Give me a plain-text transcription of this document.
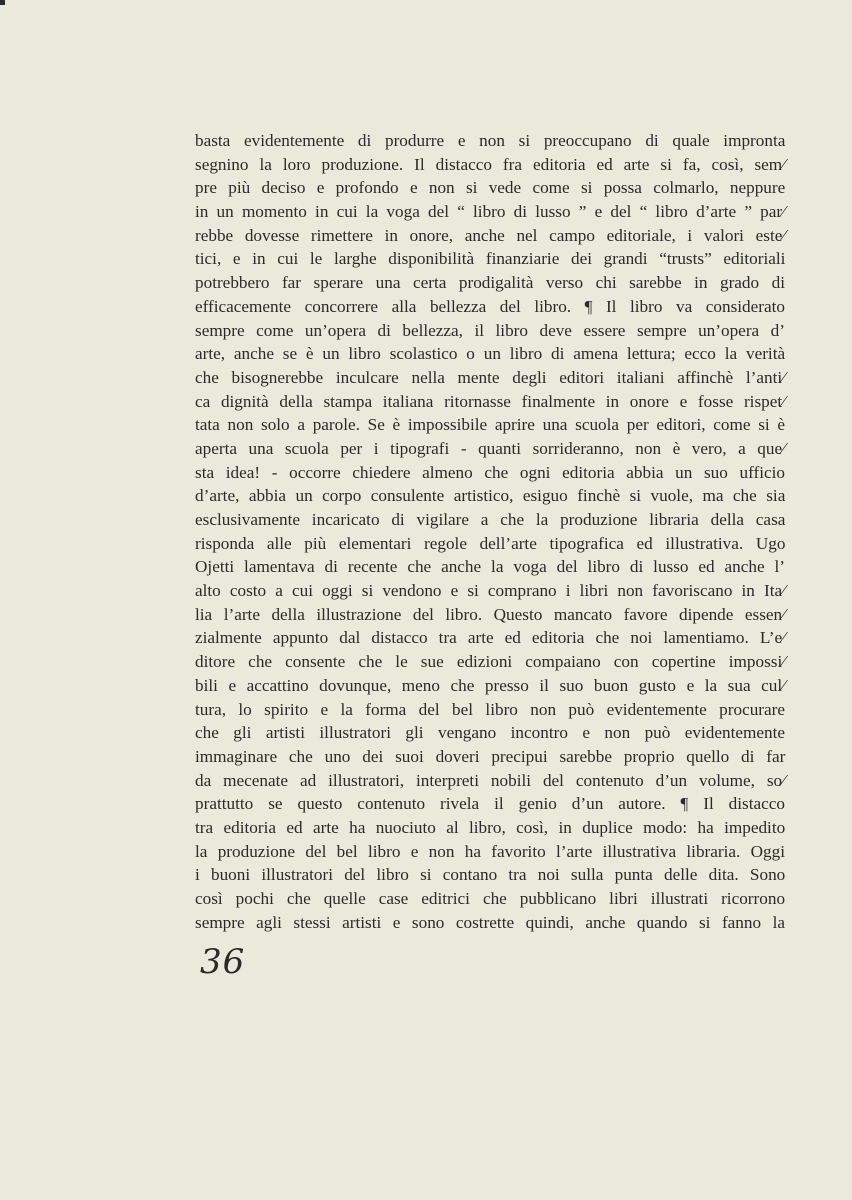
basta evidentemente di produrre e non si preoccupano di quale impronta
segnino la loro produzione. Il distacco fra editoria ed arte si fa, così, sem⁄
pre più deciso e profondo e non si vede come si possa colmarlo, neppure
in un momento in cui la voga del “ libro di lusso ” e del “ libro d’arte ” par⁄
rebbe dovesse rimettere in onore, anche nel campo editoriale, i valori este⁄
tici, e in cui le larghe disponibilità finanziarie dei grandi “trusts” editoriali
potrebbero far sperare una certa prodigalità verso chi sarebbe in grado di
efficacemente concorrere alla bellezza del libro. ¶ Il libro va considerato
sempre come un’opera di bellezza, il libro deve essere sempre un’opera d’
arte, anche se è un libro scolastico o un libro di amena lettura; ecco la verità
che bisognerebbe inculcare nella mente degli editori italiani affinchè l’anti⁄
ca dignità della stampa italiana ritornasse finalmente in onore e fosse rispet⁄
tata non solo a parole. Se è impossibile aprire una scuola per editori, come si è
aperta una scuola per i tipografi - quanti sorrideranno, non è vero, a que⁄
sta idea! - occorre chiedere almeno che ogni editoria abbia un suo ufficio
d’arte, abbia un corpo consulente artistico, esiguo finchè si vuole, ma che sia
esclusivamente incaricato di vigilare a che la produzione libraria della casa
risponda alle più elementari regole dell’arte tipografica ed illustrativa. Ugo
Ojetti lamentava di recente che anche la voga del libro di lusso ed anche l’
alto costo a cui oggi si vendono e si comprano i libri non favoriscano in Ita⁄
lia l’arte della illustrazione del libro. Questo mancato favore dipende essen⁄
zialmente appunto dal distacco tra arte ed editoria che noi lamentiamo. L’e⁄
ditore che consente che le sue edizioni compaiano con copertine impossi⁄
bili e accattino dovunque, meno che presso il suo buon gusto e la sua cul⁄
tura, lo spirito e la forma del bel libro non può evidentemente procurare
che gli artisti illustratori gli vengano incontro e non può evidentemente
immaginare che uno dei suoi doveri precipui sarebbe proprio quello di far
da mecenate ad illustratori, interpreti nobili del contenuto d’un volume, so⁄
prattutto se questo contenuto rivela il genio d’un autore. ¶ Il distacco
tra editoria ed arte ha nuociuto al libro, così, in duplice modo: ha impedito
la produzione del bel libro e non ha favorito l’arte illustrativa libraria. Oggi
i buoni illustratori del libro si contano tra noi sulla punta delle dita. Sono
così pochi che quelle case editrici che pubblicano libri illustrati ricorrono
sempre agli stessi artisti e sono costrette quindi, anche quando si fanno la
36
